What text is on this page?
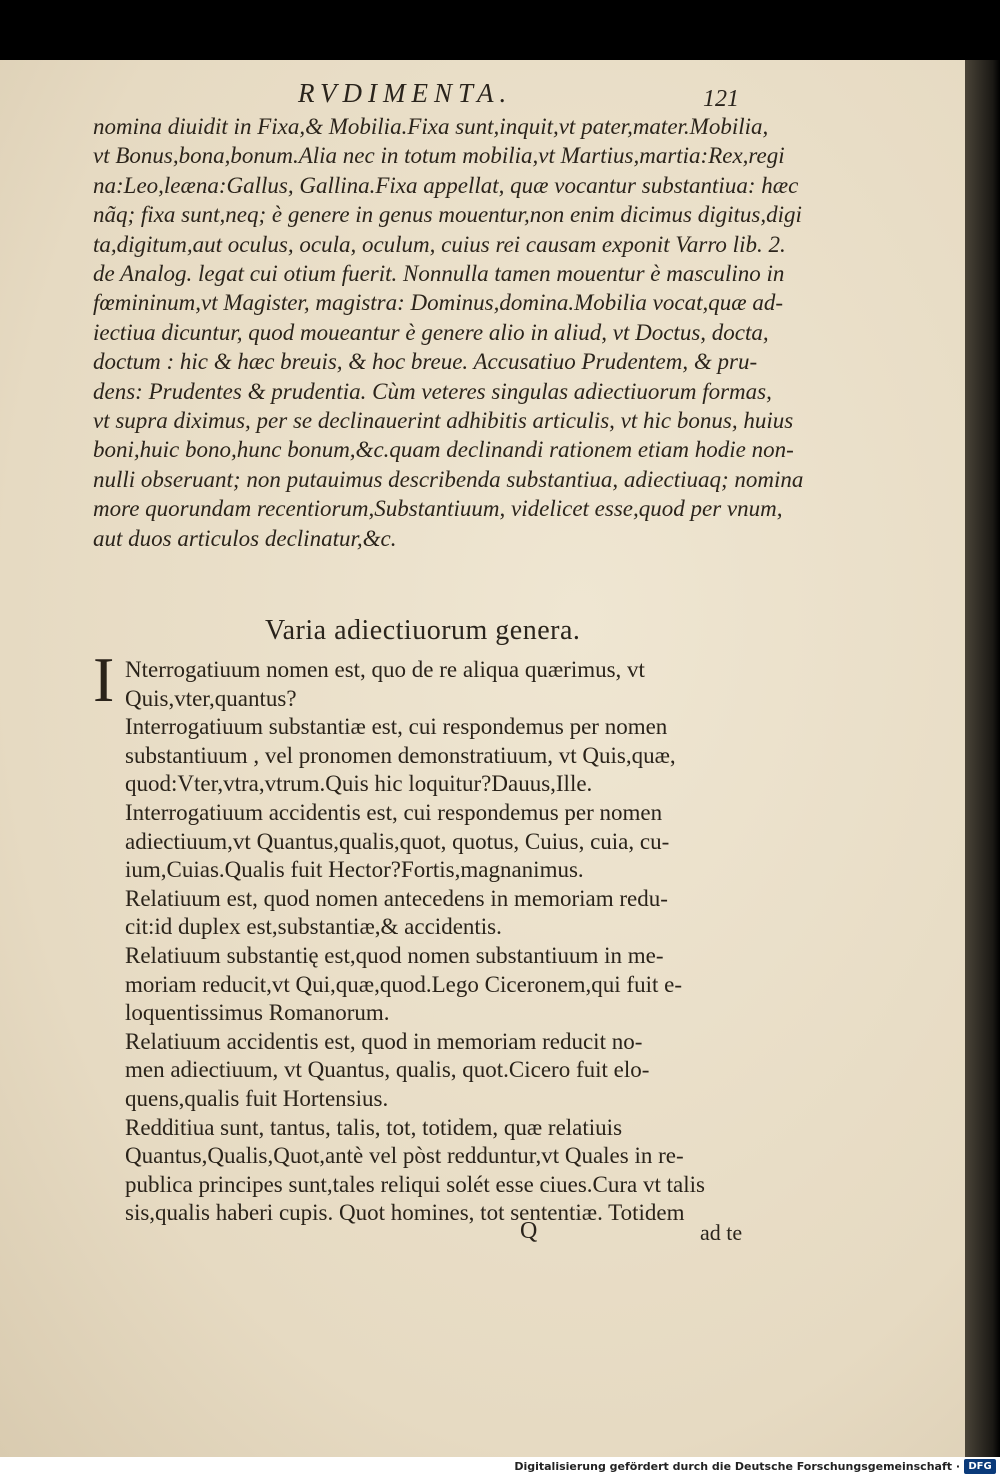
RVDIMENTA.	121
nomina diuidit in Fixa,& Mobilia.Fixa sunt,inquit,vt pater,mater.Mobilia,
vt Bonus,bona,bonum.Alia nec in totum mobilia,vt Martius,martia:Rex,regi
na:Leo,leæna:Gallus, Gallina.Fixa appellat, quæ vocantur substantiua: hæc
nãq; fixa sunt,neq; è genere in genus mouentur,non enim dicimus digitus,digi
ta,digitum,aut oculus, ocula, oculum, cuius rei causam exponit Varro lib. 2.
de Analog. legat cui otium fuerit. Nonnulla tamen mouentur è masculino in
fœmininum,vt Magister, magistra: Dominus,domina.Mobilia vocat,quæ ad-
iectiua dicuntur, quod moueantur è genere alio in aliud, vt Doctus, docta,
doctum : hic & hæc breuis, & hoc breue. Accusatiuo Prudentem, & pru-
dens: Prudentes & prudentia. Cùm veteres singulas adiectiuorum formas,
vt supra diximus, per se declinauerint adhibitis articulis, vt hic bonus, huius
boni,huic bono,hunc bonum,&c.quam declinandi rationem etiam hodie non-
nulli obseruant; non putauimus describenda substantiua, adiectiuaq; nomina
more quorundam recentiorum,Substantiuum, videlicet esse,quod per vnum,
aut duos articulos declinatur,&c.
Varia adiectiuorum genera.
I Nterrogatiuum nomen est, quo de re aliqua quærimus, vt
Quis,vter,quantus?
Interrogatiuum substantiæ est, cui respondemus per nomen
substantiuum , vel pronomen demonstratiuum, vt Quis,quæ,
quod:Vter,vtra,vtrum.Quis hic loquitur?Dauus,Ille.
Interrogatiuum accidentis est, cui respondemus per nomen
adiectiuum,vt Quantus,qualis,quot, quotus, Cuius, cuia, cu-
ium,Cuias.Qualis fuit Hector?Fortis,magnanimus.
Relatiuum est, quod nomen antecedens in memoriam redu-
cit:id duplex est,substantiæ,& accidentis.
Relatiuum substantię est,quod nomen substantiuum in me-
moriam reducit,vt Qui,quæ,quod.Lego Ciceronem,qui fuit e-
loquentissimus Romanorum.
Relatiuum accidentis est, quod in memoriam reducit no-
men adiectiuum, vt Quantus, qualis, quot.Cicero fuit elo-
quens,qualis fuit Hortensius.
Redditiua sunt, tantus, talis, tot, totidem, quæ relatiuis
Quantus,Qualis,Quot,antè vel pòst redduntur,vt Quales in re-
publica principes sunt,tales reliqui solét esse ciues.Cura vt talis
sis,qualis haberi cupis. Quot homines, tot sententiæ. Totidem
Q	ad te
Digitalisierung gefördert durch die Deutsche Forschungsgemeinschaft · DFG
